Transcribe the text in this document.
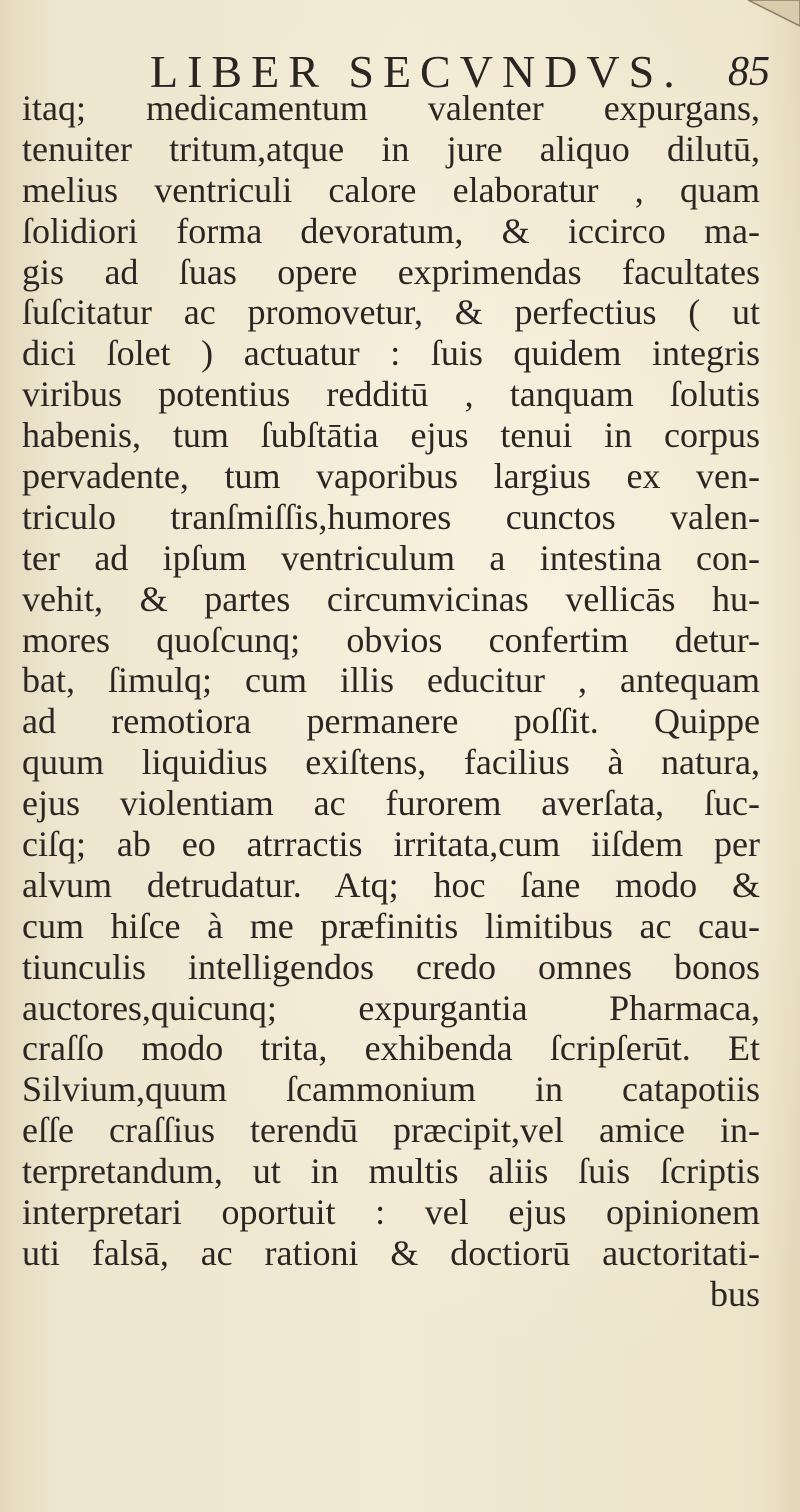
LIBER SECVNDVS. 85
itaq; medicamentum valenter expurgans,
tenuiter tritum,atque in jure aliquo dilutū,
melius ventriculi calore elaboratur , quam
ſolidiori forma devoratum, & iccirco ma-
gis ad ſuas opere exprimendas facultates
ſuſcitatur ac promovetur, & perfectius ( ut
dici ſolet ) actuatur : ſuis quidem integris
viribus potentius redditū , tanquam ſolutis
habenis, tum ſubſtātia ejus tenui in corpus
pervadente, tum vaporibus largius ex ven-
triculo tranſmiſſis,humores cunctos valen-
ter ad ipſum ventriculum a intestina con-
vehit, & partes circumvicinas vellicās hu-
mores quoſcunq; obvios confertim detur-
bat, ſimulq; cum illis educitur , antequam
ad remotiora permanere poſſit. Quippe
quum liquidius exiſtens, facilius à natura,
ejus violentiam ac furorem averſata, ſuc-
ciſq; ab eo atrractis irritata,cum iiſdem per
alvum detrudatur. Atq; hoc ſane modo &
cum hiſce à me præfinitis limitibus ac cau-
tiunculis intelligendos credo omnes bonos
auctores,quicunq; expurgantia Pharmaca,
craſſo modo trita, exhibenda ſcripſerūt. Et
Silvium,quum ſcammonium in catapotiis
eſſe craſſius terendū præcipit,vel amice in-
terpretandum, ut in multis aliis ſuis ſcriptis
interpretari oportuit : vel ejus opinionem
uti falsā, ac rationi & doctiorū auctoritati-
bus
